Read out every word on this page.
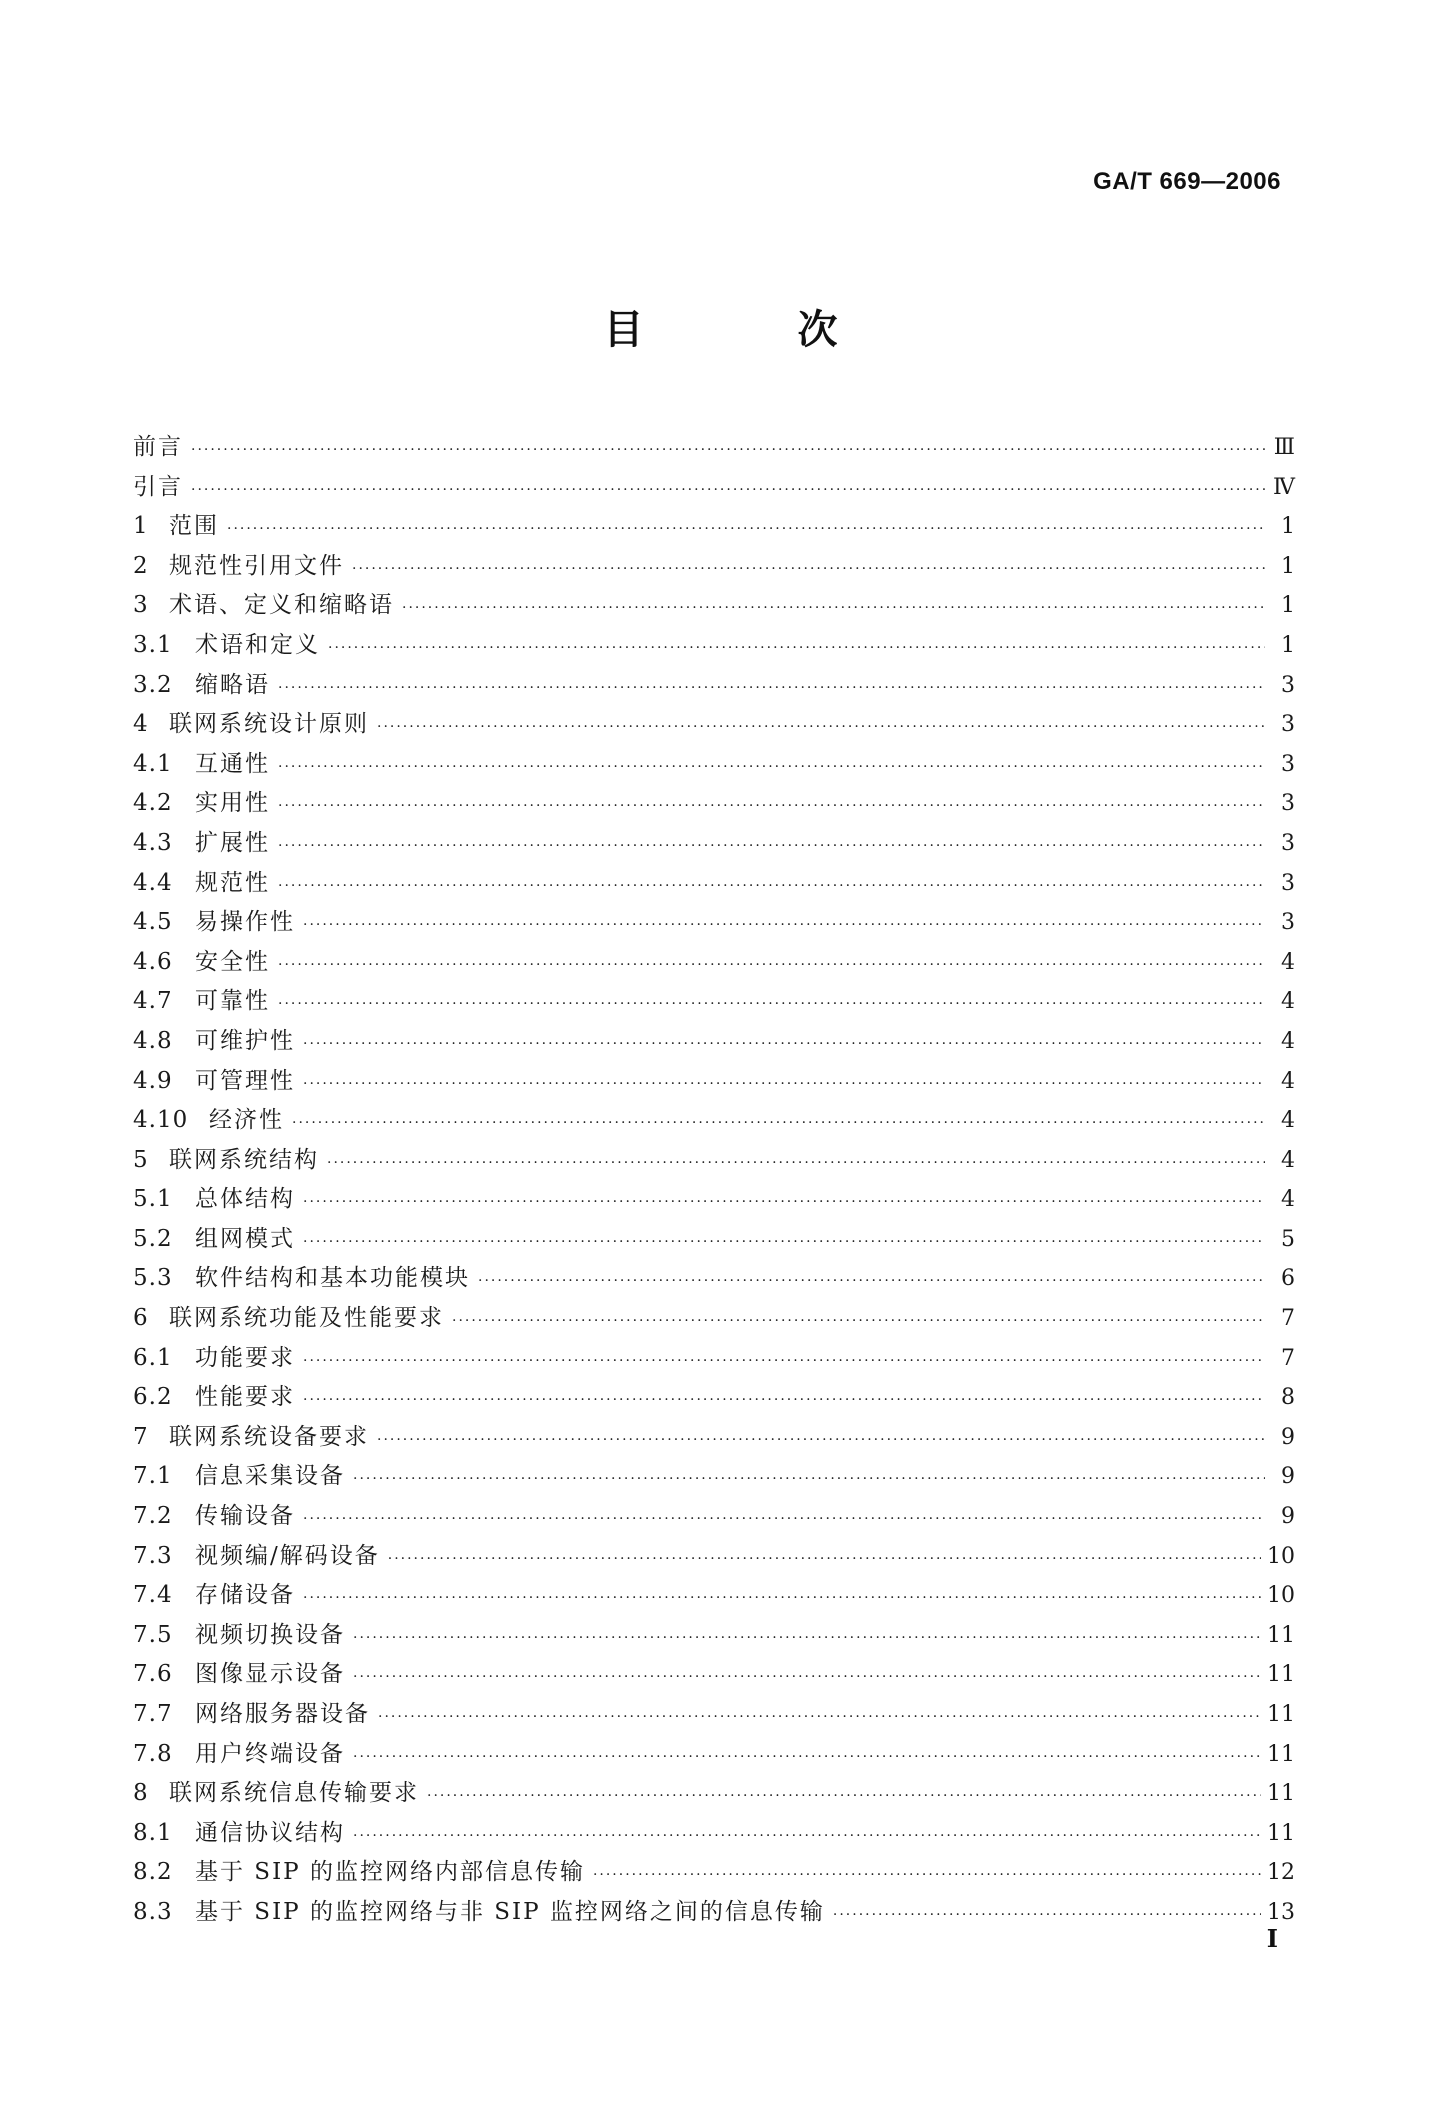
GA/T 669—2006
目 次
前言 ·····	Ⅲ
引言 ·····	Ⅳ
1 范围 ·····	1
2 规范性引用文件 ·····	1
3 术语、定义和缩略语 ·····	1
3.1 术语和定义 ·····	1
3.2 缩略语 ·····	3
4 联网系统设计原则 ·····	3
4.1 互通性 ·····	3
4.2 实用性 ·····	3
4.3 扩展性 ·····	3
4.4 规范性 ·····	3
4.5 易操作性 ·····	3
4.6 安全性 ·····	4
4.7 可靠性 ·····	4
4.8 可维护性 ·····	4
4.9 可管理性 ·····	4
4.10 经济性 ·····	4
5 联网系统结构 ·····	4
5.1 总体结构 ·····	4
5.2 组网模式 ·····	5
5.3 软件结构和基本功能模块 ·····	6
6 联网系统功能及性能要求 ·····	7
6.1 功能要求 ·····	7
6.2 性能要求 ·····	8
7 联网系统设备要求 ·····	9
7.1 信息采集设备 ·····	9
7.2 传输设备 ·····	9
7.3 视频编/解码设备 ·····	10
7.4 存储设备 ·····	10
7.5 视频切换设备 ·····	11
7.6 图像显示设备 ·····	11
7.7 网络服务器设备 ·····	11
7.8 用户终端设备 ·····	11
8 联网系统信息传输要求 ·····	11
8.1 通信协议结构 ·····	11
8.2 基于 SIP 的监控网络内部信息传输 ·····	12
8.3 基于 SIP 的监控网络与非 SIP 监控网络之间的信息传输 ·····	13
I
